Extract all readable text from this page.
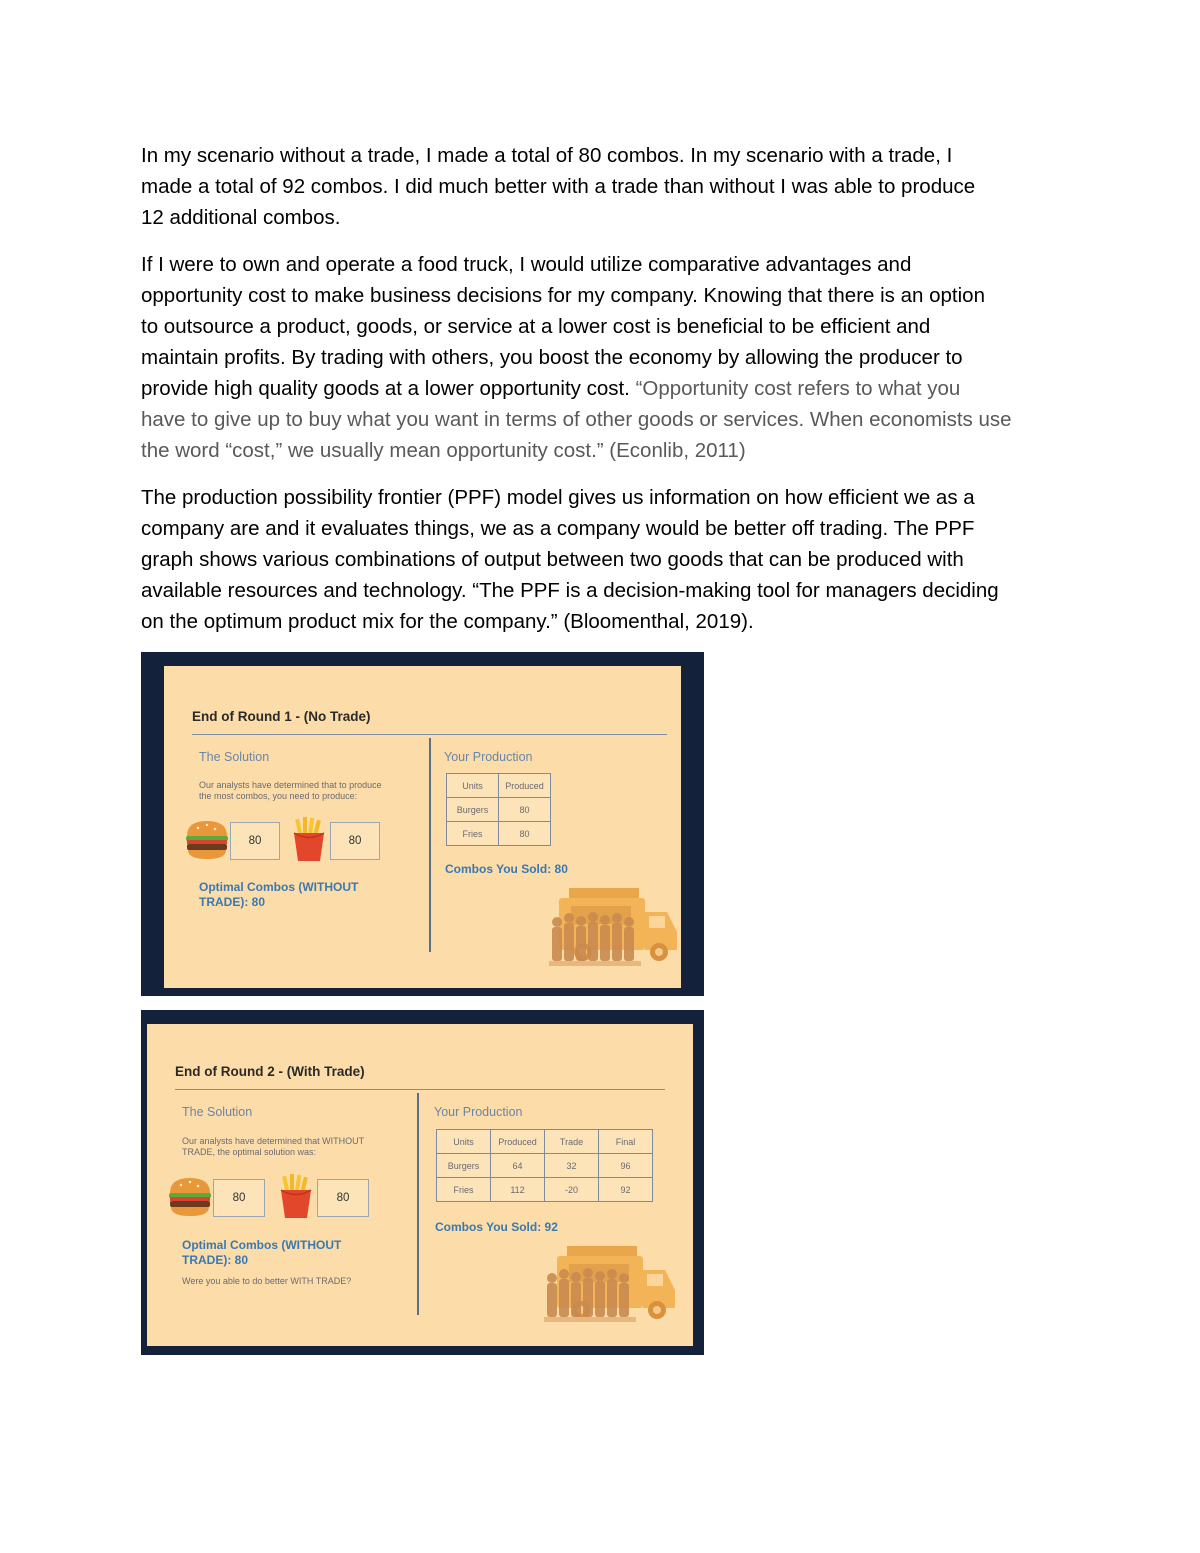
In my scenario without a trade, I made a total of 80 combos. In my scenario with a trade, I
made a total of 92 combos. I did much better with a trade than without I was able to produce
12 additional combos.

If I were to own and operate a food truck, I would utilize comparative advantages and
opportunity cost to make business decisions for my company. Knowing that there is an option
to outsource a product, goods, or service at a lower cost is beneficial to be efficient and
maintain profits. By trading with others, you boost the economy by allowing the producer to
provide high quality goods at a lower opportunity cost. “Opportunity cost refers to what you
have to give up to buy what you want in terms of other goods or services. When economists use
the word “cost,” we usually mean opportunity cost.” (Econlib, 2011)

The production possibility frontier (PPF) model gives us information on how efficient we as a
company are and it evaluates things, we as a company would be better off trading. The PPF
graph shows various combinations of output between two goods that can be produced with
available resources and technology. “The PPF is a decision-making tool for managers deciding
on the optimum product mix for the company.” (Bloomenthal, 2019).

End of Round 1 - (No Trade)
The Solution
Our analysts have determined that to produce
the most combos, you need to produce:
80	80
Optimal Combos (WITHOUT
TRADE): 80
Your Production
Units	Produced
Burgers	80
Fries	80
Combos You Sold: 80
End of Round 2 - (With Trade)
The Solution
Our analysts have determined that WITHOUT
TRADE, the optimal solution was:
80	80
Optimal Combos (WITHOUT
TRADE): 80
Were you able to do better WITH TRADE?
Your Production
Units	Produced	Trade	Final
Burgers	64	32	96
Fries	112	-20	92
Combos You Sold: 92
